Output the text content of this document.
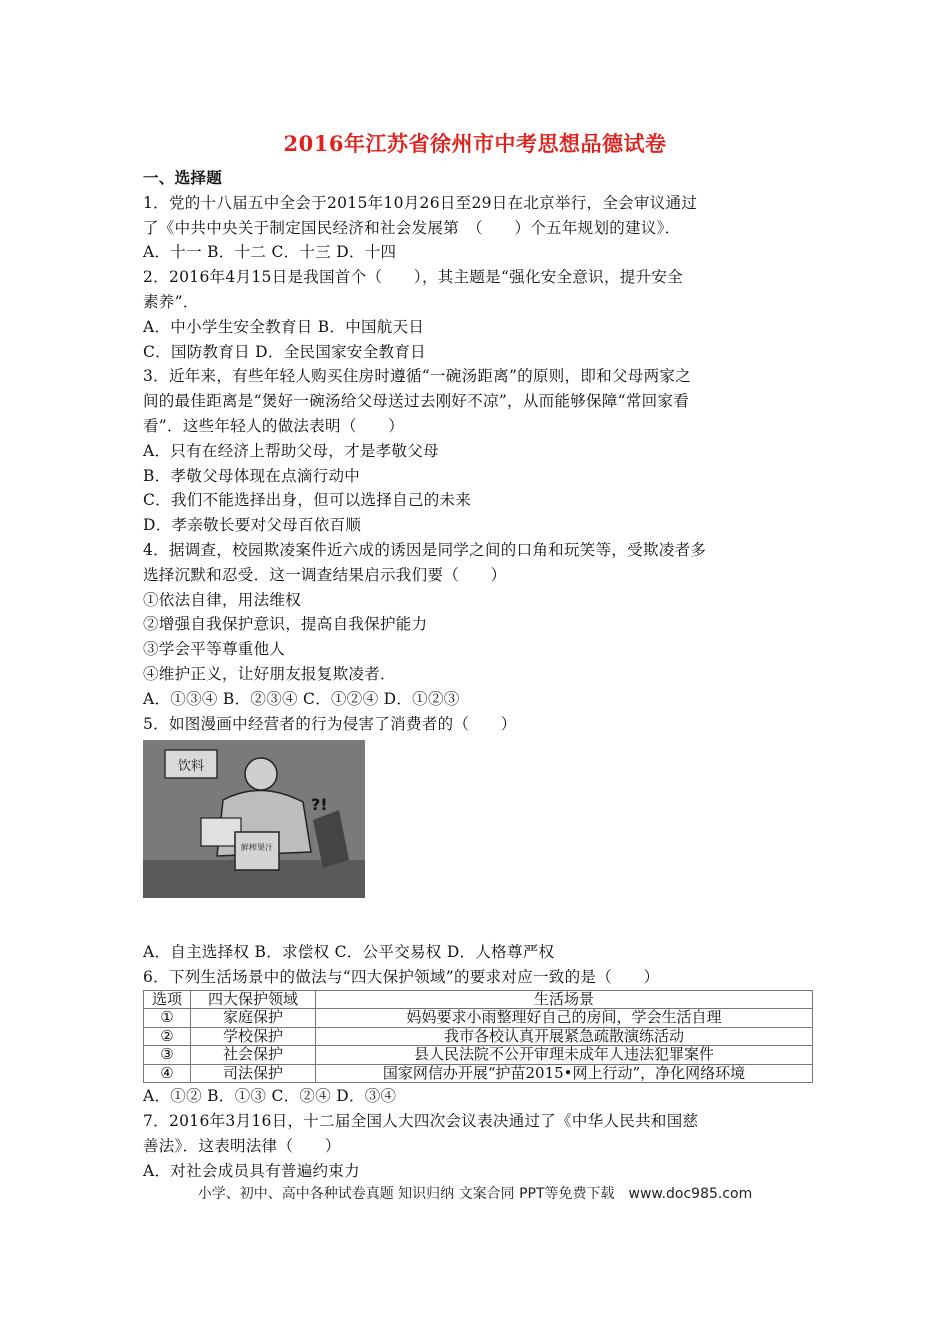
2016年江苏省徐州市中考思想品德试卷
一、选择题
1．党的十八届五中全会于2015年10月26日至29日在北京举行，全会审议通过
了《中共中央关于制定国民经济和社会发展第　（　　）个五年规划的建议》．
A．十一 B．十二 C．十三 D．十四
2．2016年4月15日是我国首个（　　），其主题是“强化安全意识，提升安全
素养”．
A．中小学生安全教育日 B．中国航天日
C．国防教育日 D．全民国家安全教育日
3．近年来，有些年轻人购买住房时遵循“一碗汤距离”的原则，即和父母两家之
间的最佳距离是“煲好一碗汤给父母送过去刚好不凉”，从而能够保障“常回家看
看”．这些年轻人的做法表明（　　）
A．只有在经济上帮助父母，才是孝敬父母
B．孝敬父母体现在点滴行动中
C．我们不能选择出身，但可以选择自己的未来
D．孝亲敬长要对父母百依百顺
4．据调查，校园欺凌案件近六成的诱因是同学之间的口角和玩笑等，受欺凌者多
选择沉默和忍受．这一调查结果启示我们要（　　）
①依法自律，用法维权
②增强自我保护意识，提高自我保护能力
③学会平等尊重他人
④维护正义，让好朋友报复欺凌者．
A．①③④ B．②③④ C．①②④ D．①②③
5．如图漫画中经营者的行为侵害了消费者的（　　）
饮料
鲜榨果汁
?!
A．自主选择权 B．求偿权 C．公平交易权 D．人格尊严权
6．下列生活场景中的做法与“四大保护领域”的要求对应一致的是（　　）
选项	四大保护领域	生活场景
①	家庭保护	妈妈要求小雨整理好自己的房间，学会生活自理
②	学校保护	我市各校认真开展紧急疏散演练活动
③	社会保护	县人民法院不公开审理未成年人违法犯罪案件
④	司法保护	国家网信办开展“护苗2015•网上行动”，净化网络环境
A．①② B．①③ C．②④ D．③④
7．2016年3月16日，十二届全国人大四次会议表决通过了《中华人民共和国慈
善法》．这表明法律（　　）
A．对社会成员具有普遍约束力
小学、初中、高中各种试卷真题 知识归纳 文案合同 PPT等免费下载　www.doc985.com
